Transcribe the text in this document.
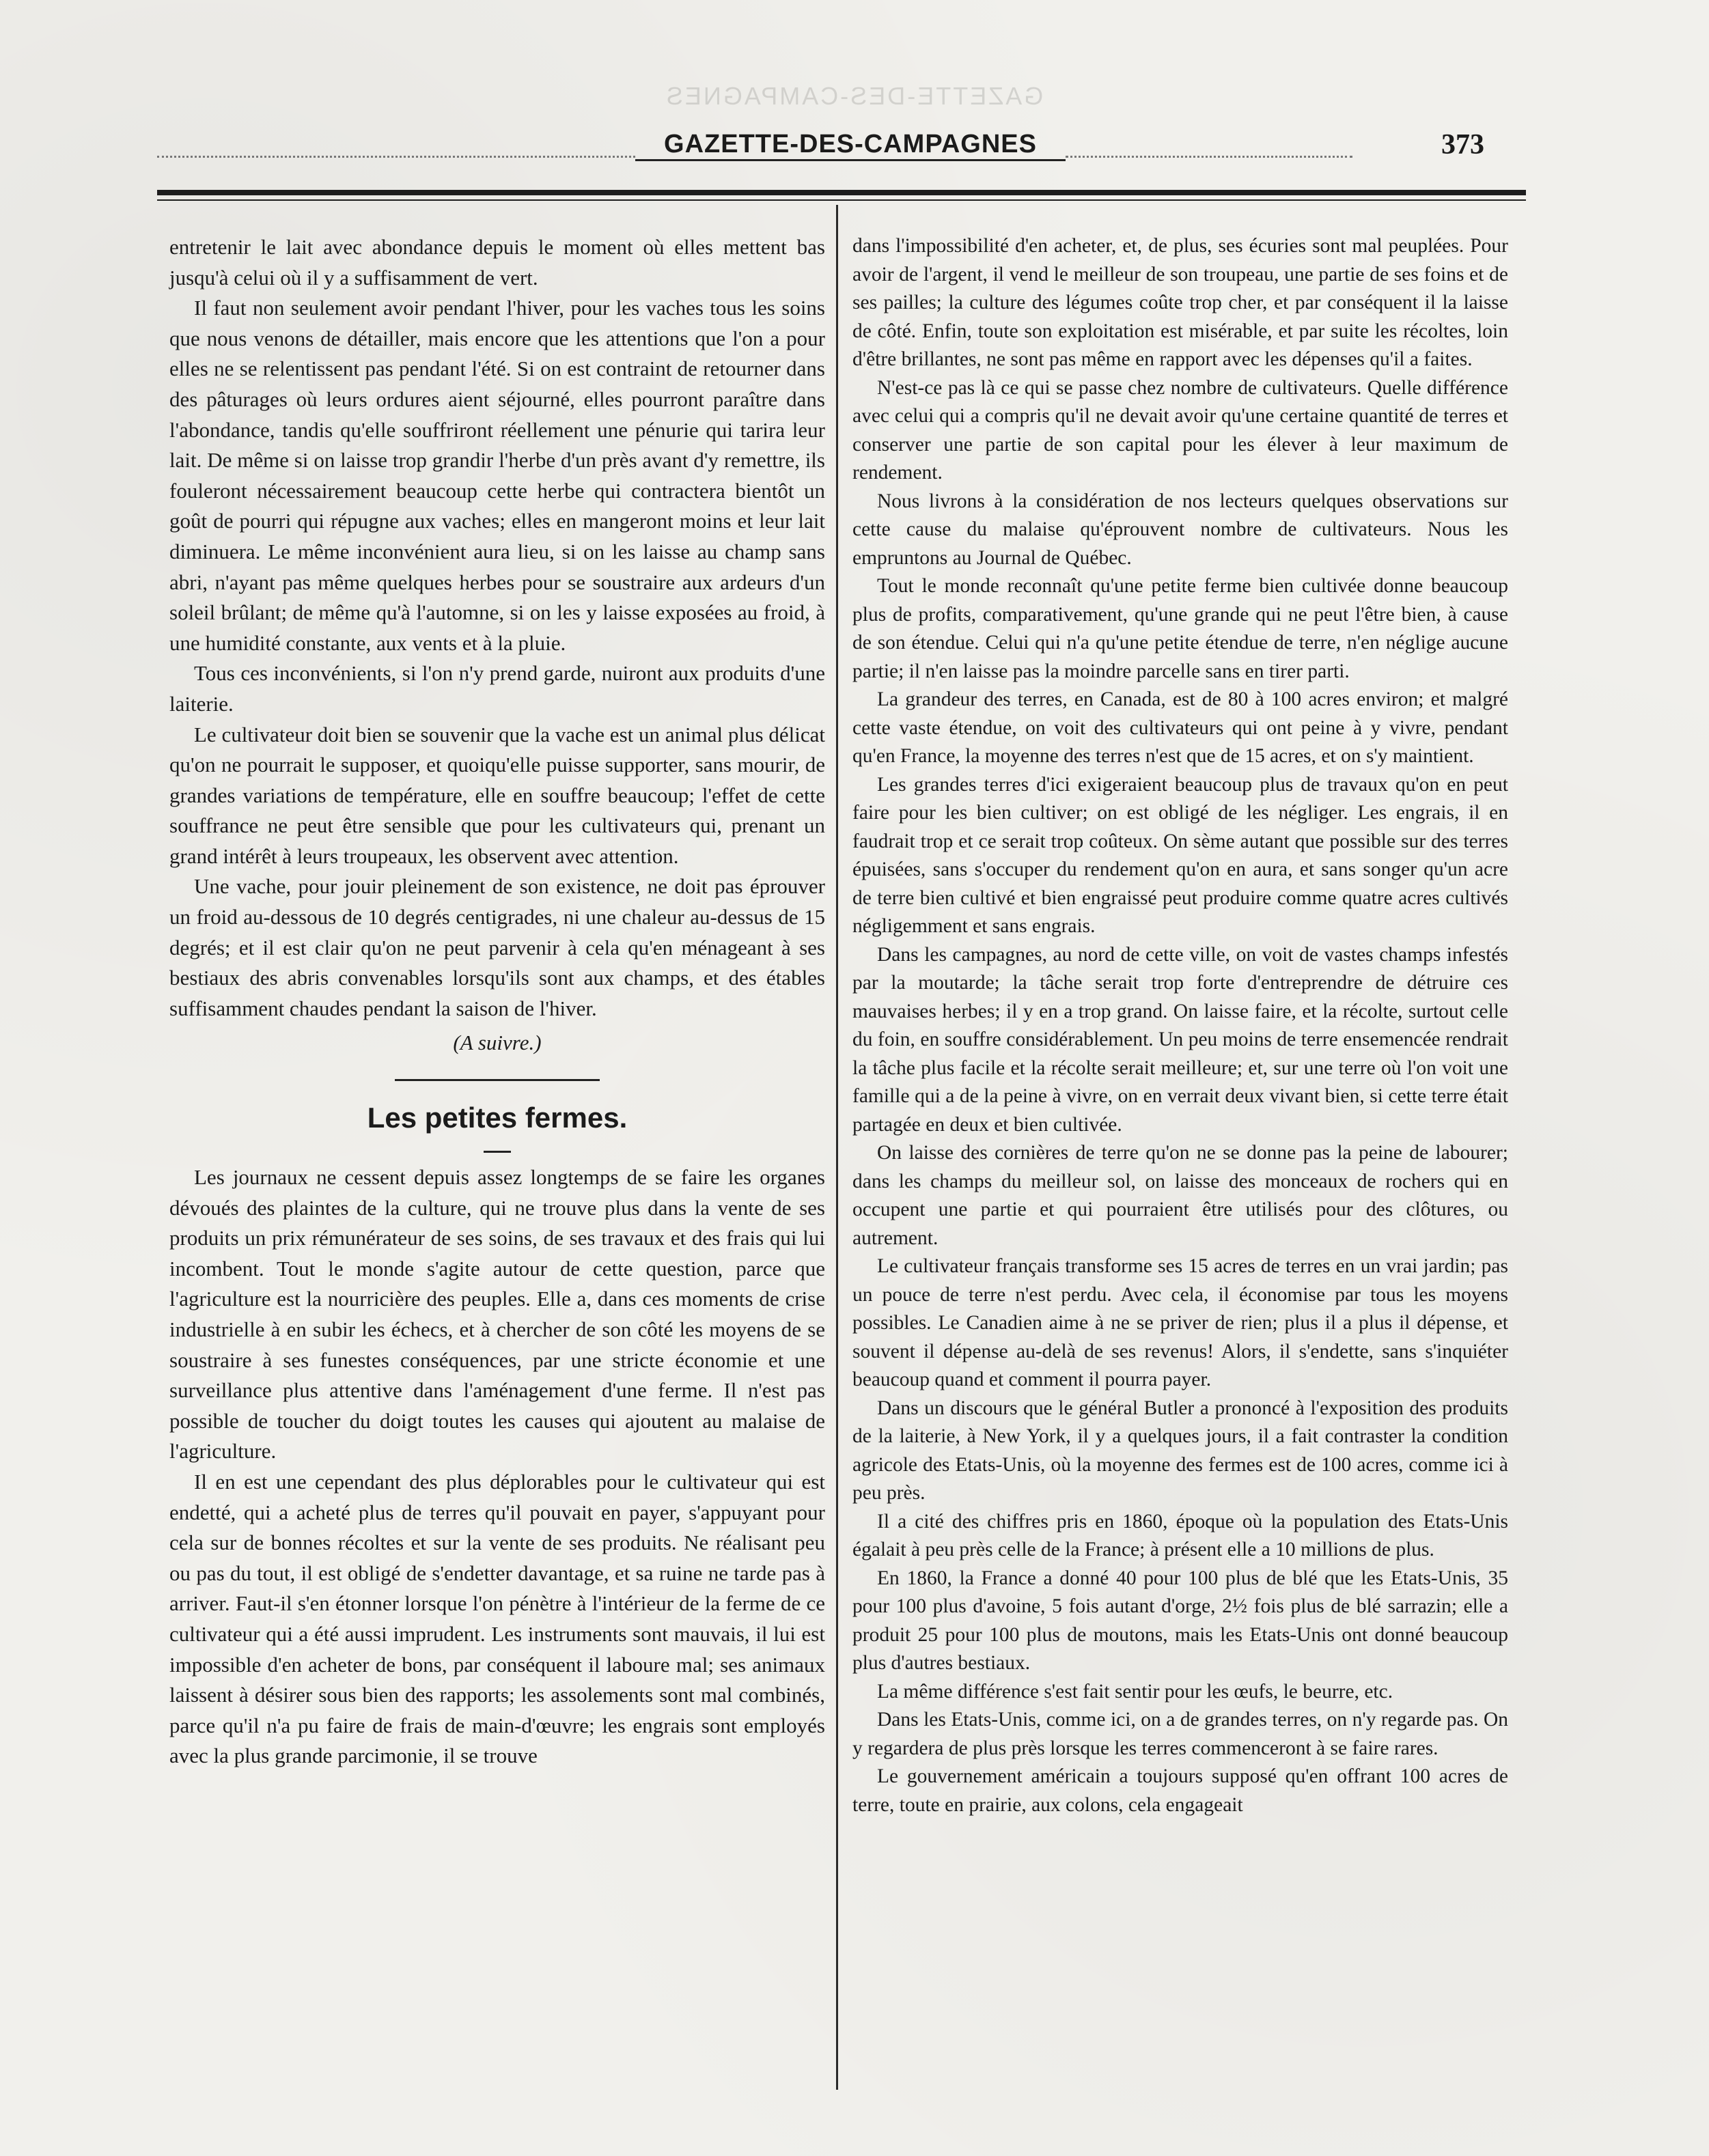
GAZETTE-DES-CAMPAGNES
GAZETTE-DES-CAMPAGNES	373

entretenir le lait avec abondance depuis le moment où elles mettent bas jusqu'à celui où il y a suffisamment de vert.

Il faut non seulement avoir pendant l'hiver, pour les vaches tous les soins que nous venons de détailler, mais encore que les attentions que l'on a pour elles ne se relentissent pas pendant l'été. Si on est contraint de retourner dans des pâturages où leurs ordures aient séjourné, elles pourront paraître dans l'abondance, tandis qu'elle souffriront réellement une pénurie qui tarira leur lait. De même si on laisse trop grandir l'herbe d'un près avant d'y remettre, ils fouleront nécessairement beaucoup cette herbe qui contractera bientôt un goût de pourri qui répugne aux vaches; elles en mangeront moins et leur lait diminuera. Le même inconvénient aura lieu, si on les laisse au champ sans abri, n'ayant pas même quelques herbes pour se soustraire aux ardeurs d'un soleil brûlant; de même qu'à l'automne, si on les y laisse exposées au froid, à une humidité constante, aux vents et à la pluie.

Tous ces inconvénients, si l'on n'y prend garde, nuiront aux produits d'une laiterie.

Le cultivateur doit bien se souvenir que la vache est un animal plus délicat qu'on ne pourrait le supposer, et quoiqu'elle puisse supporter, sans mourir, de grandes variations de température, elle en souffre beaucoup; l'effet de cette souffrance ne peut être sensible que pour les cultivateurs qui, prenant un grand intérêt à leurs troupeaux, les observent avec attention.

Une vache, pour jouir pleinement de son existence, ne doit pas éprouver un froid au-dessous de 10 degrés centigrades, ni une chaleur au-dessus de 15 degrés; et il est clair qu'on ne peut parvenir à cela qu'en ménageant à ses bestiaux des abris convenables lorsqu'ils sont aux champs, et des étables suffisamment chaudes pendant la saison de l'hiver.

(A suivre.)
Les petites fermes.

Les journaux ne cessent depuis assez longtemps de se faire les organes dévoués des plaintes de la culture, qui ne trouve plus dans la vente de ses produits un prix rémunérateur de ses soins, de ses travaux et des frais qui lui incombent. Tout le monde s'agite autour de cette question, parce que l'agriculture est la nourricière des peuples. Elle a, dans ces moments de crise industrielle à en subir les échecs, et à chercher de son côté les moyens de se soustraire à ses funestes conséquences, par une stricte économie et une surveillance plus attentive dans l'aménagement d'une ferme. Il n'est pas possible de toucher du doigt toutes les causes qui ajoutent au malaise de l'agriculture.

Il en est une cependant des plus déplorables pour le cultivateur qui est endetté, qui a acheté plus de terres qu'il pouvait en payer, s'appuyant pour cela sur de bonnes récoltes et sur la vente de ses produits. Ne réalisant peu ou pas du tout, il est obligé de s'endetter davantage, et sa ruine ne tarde pas à arriver. Faut-il s'en étonner lorsque l'on pénètre à l'intérieur de la ferme de ce cultivateur qui a été aussi imprudent. Les instruments sont mauvais, il lui est impossible d'en acheter de bons, par conséquent il laboure mal; ses animaux laissent à désirer sous bien des rapports; les assolements sont mal combinés, parce qu'il n'a pu faire de frais de main-d'œuvre; les engrais sont employés avec la plus grande parcimonie, il se trouve

dans l'impossibilité d'en acheter, et, de plus, ses écuries sont mal peuplées. Pour avoir de l'argent, il vend le meilleur de son troupeau, une partie de ses foins et de ses pailles; la culture des légumes coûte trop cher, et par conséquent il la laisse de côté. Enfin, toute son exploitation est misérable, et par suite les récoltes, loin d'être brillantes, ne sont pas même en rapport avec les dépenses qu'il a faites.

N'est-ce pas là ce qui se passe chez nombre de cultivateurs. Quelle différence avec celui qui a compris qu'il ne devait avoir qu'une certaine quantité de terres et conserver une partie de son capital pour les élever à leur maximum de rendement.

Nous livrons à la considération de nos lecteurs quelques observations sur cette cause du malaise qu'éprouvent nombre de cultivateurs. Nous les empruntons au Journal de Québec.

Tout le monde reconnaît qu'une petite ferme bien cultivée donne beaucoup plus de profits, comparativement, qu'une grande qui ne peut l'être bien, à cause de son étendue. Celui qui n'a qu'une petite étendue de terre, n'en néglige aucune partie; il n'en laisse pas la moindre parcelle sans en tirer parti.

La grandeur des terres, en Canada, est de 80 à 100 acres environ; et malgré cette vaste étendue, on voit des cultivateurs qui ont peine à y vivre, pendant qu'en France, la moyenne des terres n'est que de 15 acres, et on s'y maintient.

Les grandes terres d'ici exigeraient beaucoup plus de travaux qu'on en peut faire pour les bien cultiver; on est obligé de les négliger. Les engrais, il en faudrait trop et ce serait trop coûteux. On sème autant que possible sur des terres épuisées, sans s'occuper du rendement qu'on en aura, et sans songer qu'un acre de terre bien cultivé et bien engraissé peut produire comme quatre acres cultivés négligemment et sans engrais.

Dans les campagnes, au nord de cette ville, on voit de vastes champs infestés par la moutarde; la tâche serait trop forte d'entreprendre de détruire ces mauvaises herbes; il y en a trop grand. On laisse faire, et la récolte, surtout celle du foin, en souffre considérablement. Un peu moins de terre ensemencée rendrait la tâche plus facile et la récolte serait meilleure; et, sur une terre où l'on voit une famille qui a de la peine à vivre, on en verrait deux vivant bien, si cette terre était partagée en deux et bien cultivée.

On laisse des cornières de terre qu'on ne se donne pas la peine de labourer; dans les champs du meilleur sol, on laisse des monceaux de rochers qui en occupent une partie et qui pourraient être utilisés pour des clôtures, ou autrement.

Le cultivateur français transforme ses 15 acres de terres en un vrai jardin; pas un pouce de terre n'est perdu. Avec cela, il économise par tous les moyens possibles. Le Canadien aime à ne se priver de rien; plus il a plus il dépense, et souvent il dépense au-delà de ses revenus! Alors, il s'endette, sans s'inquiéter beaucoup quand et comment il pourra payer.

Dans un discours que le général Butler a prononcé à l'exposition des produits de la laiterie, à New York, il y a quelques jours, il a fait contraster la condition agricole des Etats-Unis, où la moyenne des fermes est de 100 acres, comme ici à peu près.

Il a cité des chiffres pris en 1860, époque où la population des Etats-Unis égalait à peu près celle de la France; à présent elle a 10 millions de plus.

En 1860, la France a donné 40 pour 100 plus de blé que les Etats-Unis, 35 pour 100 plus d'avoine, 5 fois autant d'orge, 2½ fois plus de blé sarrazin; elle a produit 25 pour 100 plus de moutons, mais les Etats-Unis ont donné beaucoup plus d'autres bestiaux.

La même différence s'est fait sentir pour les œufs, le beurre, etc.

Dans les Etats-Unis, comme ici, on a de grandes terres, on n'y regarde pas. On y regardera de plus près lorsque les terres commenceront à se faire rares.

Le gouvernement américain a toujours supposé qu'en offrant 100 acres de terre, toute en prairie, aux colons, cela engageait
